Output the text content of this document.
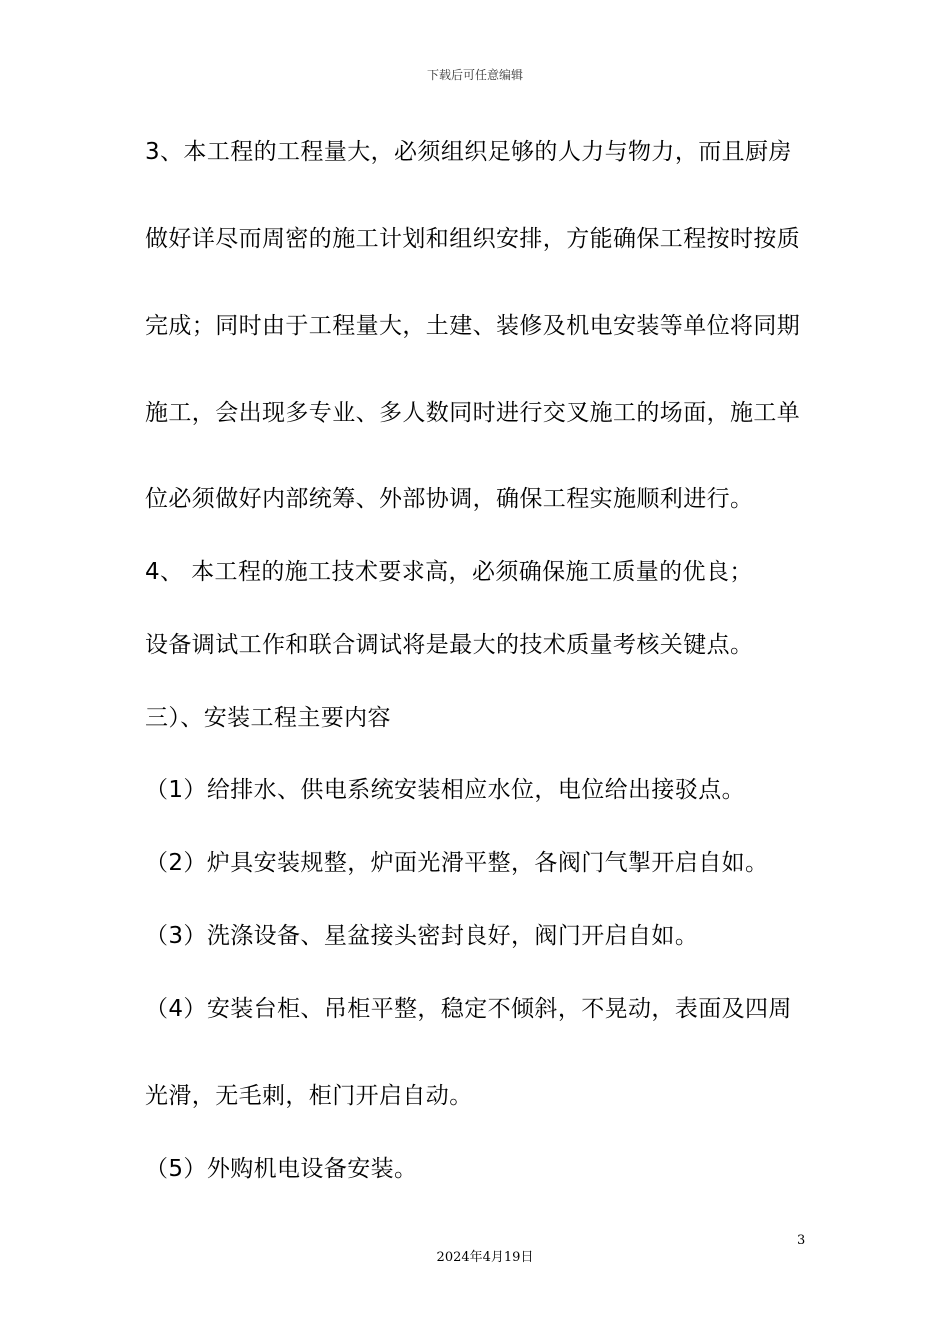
下载后可任意编辑
3、本工程的工程量大，必须组织足够的人力与物力，而且厨房
做好详尽而周密的施工计划和组织安排，方能确保工程按时按质
完成；同时由于工程量大，土建、装修及机电安装等单位将同期
施工，会出现多专业、多人数同时进行交叉施工的场面，施工单
位必须做好内部统筹、外部协调，确保工程实施顺利进行。
4、 本工程的施工技术要求高，必须确保施工质量的优良；
设备调试工作和联合调试将是最大的技术质量考核关键点。
三）、安装工程主要内容
（1）给排水、供电系统安装相应水位，电位给出接驳点。
（2）炉具安装规整，炉面光滑平整，各阀门气掣开启自如。
（3）洗涤设备、星盆接头密封良好，阀门开启自如。
（4）安装台柜、吊柜平整，稳定不倾斜，不晃动，表面及四周
光滑，无毛刺，柜门开启自动。
（5）外购机电设备安装。
3
2024年4月19日
